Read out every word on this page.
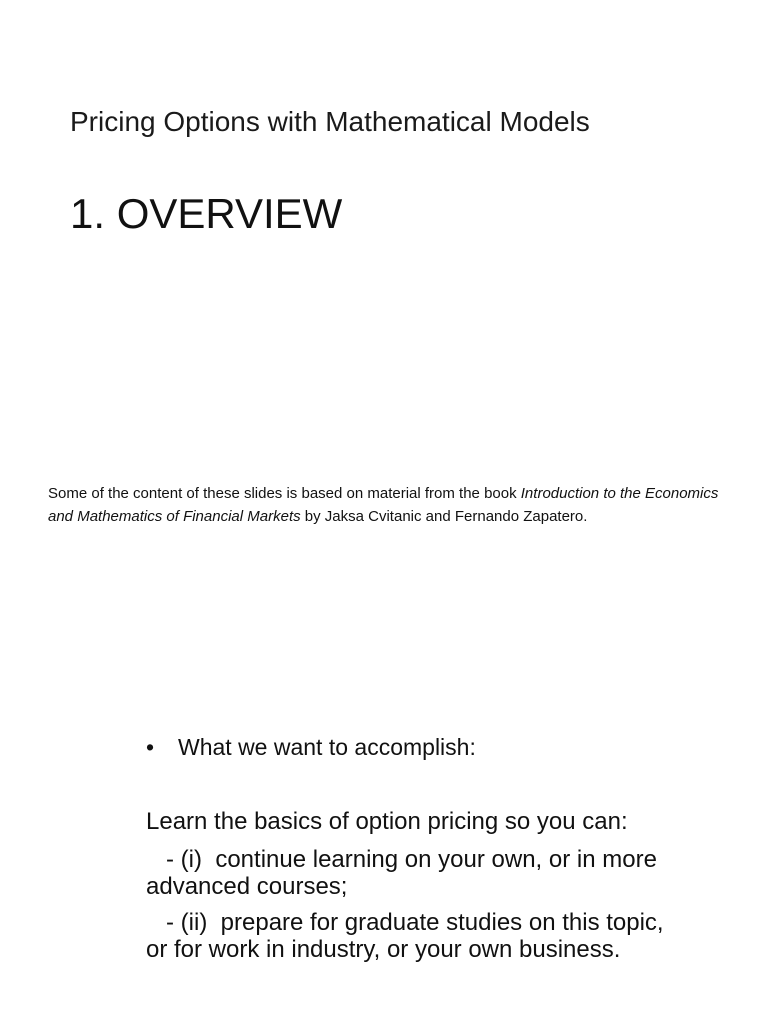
Pricing Options with Mathematical Models
1. OVERVIEW
Some of the content of these slides is based on material from the book Introduction to the Economics and Mathematics of Financial Markets by Jaksa Cvitanic and Fernando Zapatero.
• What we want to accomplish:
Learn the basics of option pricing so you can:
- (i)  continue learning on your own, or in more advanced courses;
- (ii)  prepare for graduate studies on this topic, or for work in industry, or your own business.
